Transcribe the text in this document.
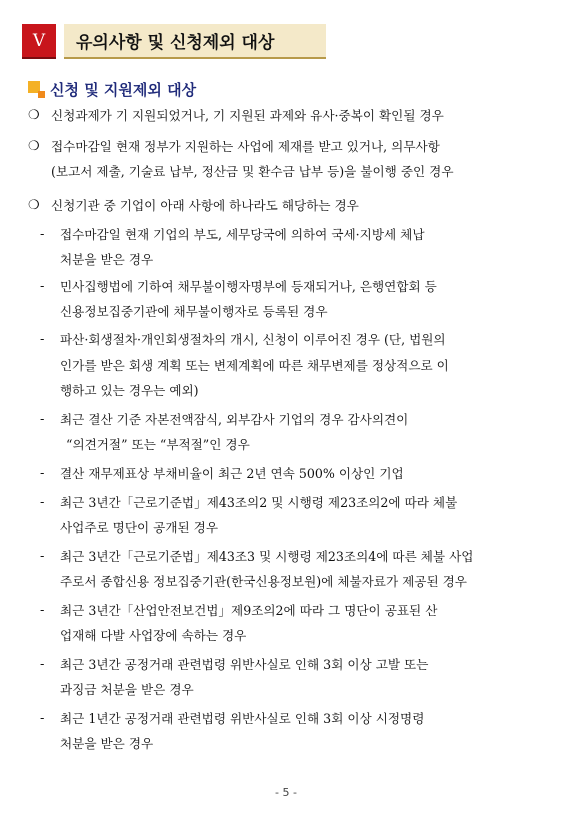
Ⅴ	유의사항 및 신청제외 대상
신청 및 지원제외 대상
❍ 신청과제가 기 지원되었거나, 기 지원된 과제와 유사·중복이 확인될 경우
❍ 접수마감일 현재 정부가 지원하는 사업에 제재를 받고 있거나, 의무사항
(보고서 제출, 기술료 납부, 정산금 및 환수금 납부 등)을 불이행 중인 경우
❍ 신청기관 중 기업이 아래 사항에 하나라도 해당하는 경우
- 접수마감일 현재 기업의 부도, 세무당국에 의하여 국세·지방세 체납
처분을 받은 경우
- 민사집행법에 기하여 채무불이행자명부에 등재되거나, 은행연합회 등
신용정보집중기관에 채무불이행자로 등록된 경우
- 파산·회생절차·개인회생절차의 개시, 신청이 이루어진 경우 (단, 법원의
인가를 받은 회생 계획 또는 변제계획에 따른 채무변제를 정상적으로 이
행하고 있는 경우는 예외)
- 최근 결산 기준 자본전액잠식, 외부감사 기업의 경우 감사의견이
“의견거절” 또는 “부적절”인 경우
- 결산 재무제표상 부채비율이 최근 2년 연속 500% 이상인 기업
- 최근 3년간「근로기준법」제43조의2 및 시행령 제23조의2에 따라 체불
사업주로 명단이 공개된 경우
- 최근 3년간「근로기준법」제43조3 및 시행령 제23조의4에 따른 체불 사업
주로서 종합신용 정보집중기관(한국신용정보원)에 체불자료가 제공된 경우
- 최근 3년간「산업안전보건법」제9조의2에 따라 그 명단이 공표된 산
업재해 다발 사업장에 속하는 경우
- 최근 3년간 공정거래 관련법령 위반사실로 인해 3회 이상 고발 또는
과징금 처분을 받은 경우
- 최근 1년간 공정거래 관련법령 위반사실로 인해 3회 이상 시정명령
처분을 받은 경우
- 5 -
